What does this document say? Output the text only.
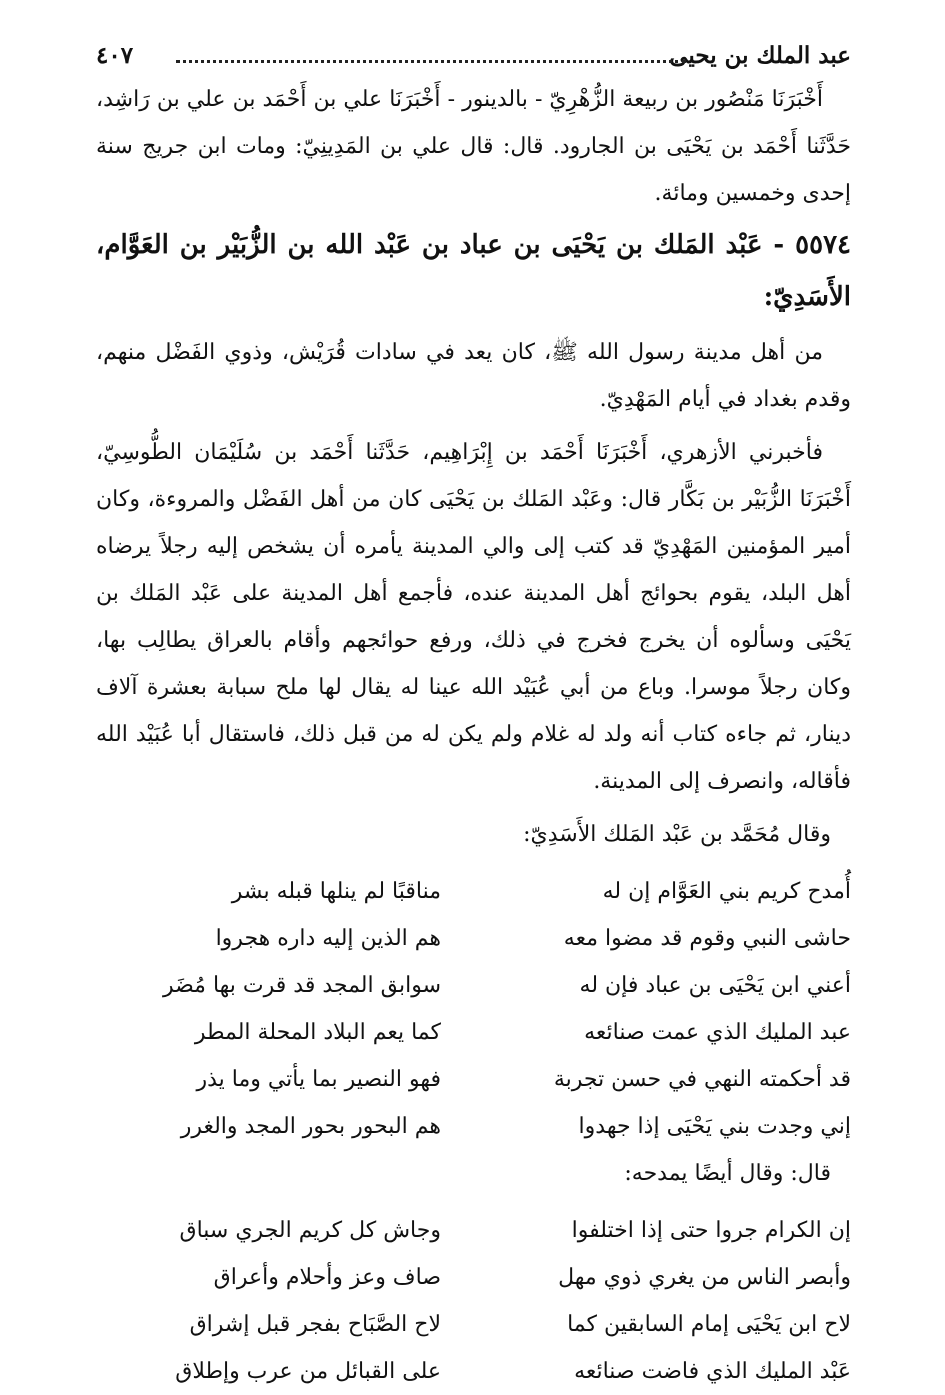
عبد الملك بن يحيى
٤٠٧

أَخْبَرَنَا مَنْصُور بن ربيعة الزُّهْرِيّ - بالدينور - أَخْبَرَنَا علي بن أَحْمَد بن علي بن رَاشِد، حَدَّثَنا أَحْمَد بن يَحْيَى بن الجارود. قال: قال علي بن المَدِينِيّ: ومات ابن جريج سنة إحدى وخمسين ومائة.

٥٥٧٤ - عَبْد المَلك بن يَحْيَى بن عباد بن عَبْد الله بن الزُّبَيْر بن العَوَّام، الأَسَدِيّ:

من أهل مدينة رسول الله ﷺ، كان يعد في سادات قُرَيْش، وذوي الفَضْل منهم، وقدم بغداد في أيام المَهْدِيّ.

فأخبرني الأزهري، أَخْبَرَنَا أَحْمَد بن إِبْرَاهِيم، حَدَّثَنا أَحْمَد بن سُلَيْمَان الطُّوسِيّ، أَخْبَرَنَا الزُّبَيْر بن بَكَّار قال: وعَبْد المَلك بن يَحْيَى كان من أهل الفَضْل والمروءة، وكان أمير المؤمنين المَهْدِيّ قد كتب إلى والي المدينة يأمره أن يشخص إليه رجلاً يرضاه أهل البلد، يقوم بحوائج أهل المدينة عنده، فأجمع أهل المدينة على عَبْد المَلك بن يَحْيَى وسألوه أن يخرج فخرج في ذلك، ورفع حوائجهم وأقام بالعراق يطالِب بها، وكان رجلاً موسرا. وباع من أبي عُبَيْد الله عينا له يقال لها ملح سبابة بعشرة آلاف دينار، ثم جاءه كتاب أنه ولد له غلام ولم يكن له من قبل ذلك، فاستقال أبا عُبَيْد الله فأقاله، وانصرف إلى المدينة.

وقال مُحَمَّد بن عَبْد المَلك الأَسَدِيّ:
أُمدح كريم بني العَوَّام إن له
مناقبًا لم ينلها قبله بشر
حاشى النبي وقوم قد مضوا معه
هم الذين إليه داره هجروا
أعني ابن يَحْيَى بن عباد فإن له
سوابق المجد قد قرت بها مُضَر
عبد المليك الذي عمت صنائعه
كما يعم البلاد المحلة المطر
قد أحكمته النهي في حسن تجربة
فهو النصير بما يأتي وما يذر
إني وجدت بني يَحْيَى إذا جهدوا
هم البحور بحور المجد والغرر
قال: وقال أيضًا يمدحه:
إن الكرام جروا حتى إذا اختلفوا
وجاش كل كريم الجري سباق
وأبصر الناس من يغري ذوي مهل
صاف وعز وأحلام وأعراق
لاح ابن يَحْيَى إمام السابقين كما
لاح الصَّبَاح بفجر قبل إشراق
عَبْد المليك الذي فاضت صنائعه
على القبائل من عرب وإطلاق
